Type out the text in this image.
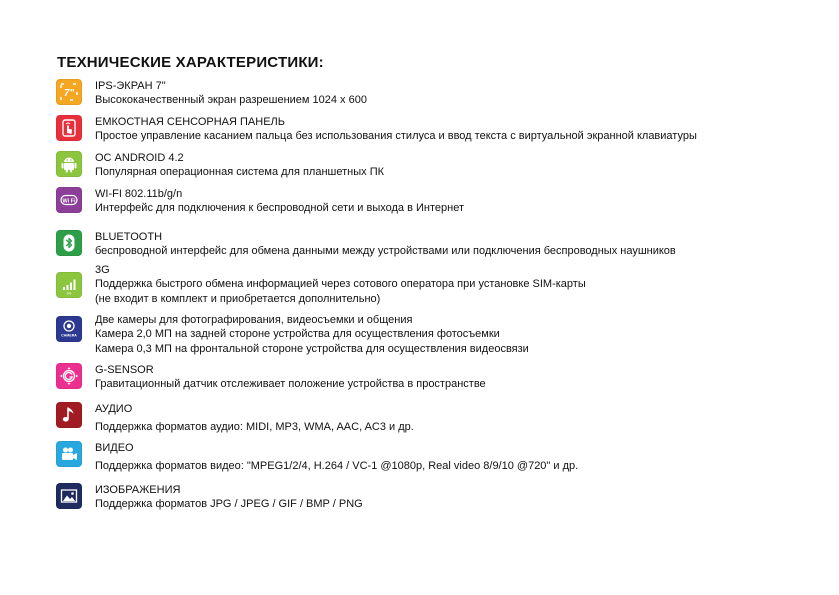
ТЕХНИЧЕСКИЕ ХАРАКТЕРИСТИКИ:
7"
IPS-ЭКРАН 7"
Высококачественный экран разрешением 1024 x 600
ЕМКОСТНАЯ СЕНСОРНАЯ ПАНЕЛЬ
Простое управление касанием пальца без использования стилуса и ввод текста с виртуальной экранной клавиатуры
ОС ANDROID 4.2
Популярная операционная система для планшетных ПК
Wi Fi
WI-FI 802.11b/g/n
Интерфейс для подключения к беспроводной сети и выхода в Интернет
BLUETOOTH
беспроводной интерфейс для обмена данными между устройствами или подключения беспроводных наушников
3G
3G
Поддержка быстрого обмена информацией через сотового оператора при установке SIM-карты
(не входит в комплект и приобретается дополнительно)
CAMERA
Две камеры для фотографирования, видеосъемки и общения
Камера 2,0 МП на задней стороне устройства для осуществления фотосъемки
Камера 0,3 МП на фронтальной стороне устройства для осуществления видеосвязи
G-SENSOR
Гравитационный датчик отслеживает положение устройства в пространстве
АУДИО
Поддержка форматов аудио: MIDI, MP3, WMA, AAC, AC3 и др.
ВИДЕО
Поддержка форматов видео: "MPEG1/2/4, H.264 / VC-1 @1080p, Real video 8/9/10 @720" и др.
ИЗОБРАЖЕНИЯ
Поддержка форматов JPG / JPEG / GIF / BMP / PNG
